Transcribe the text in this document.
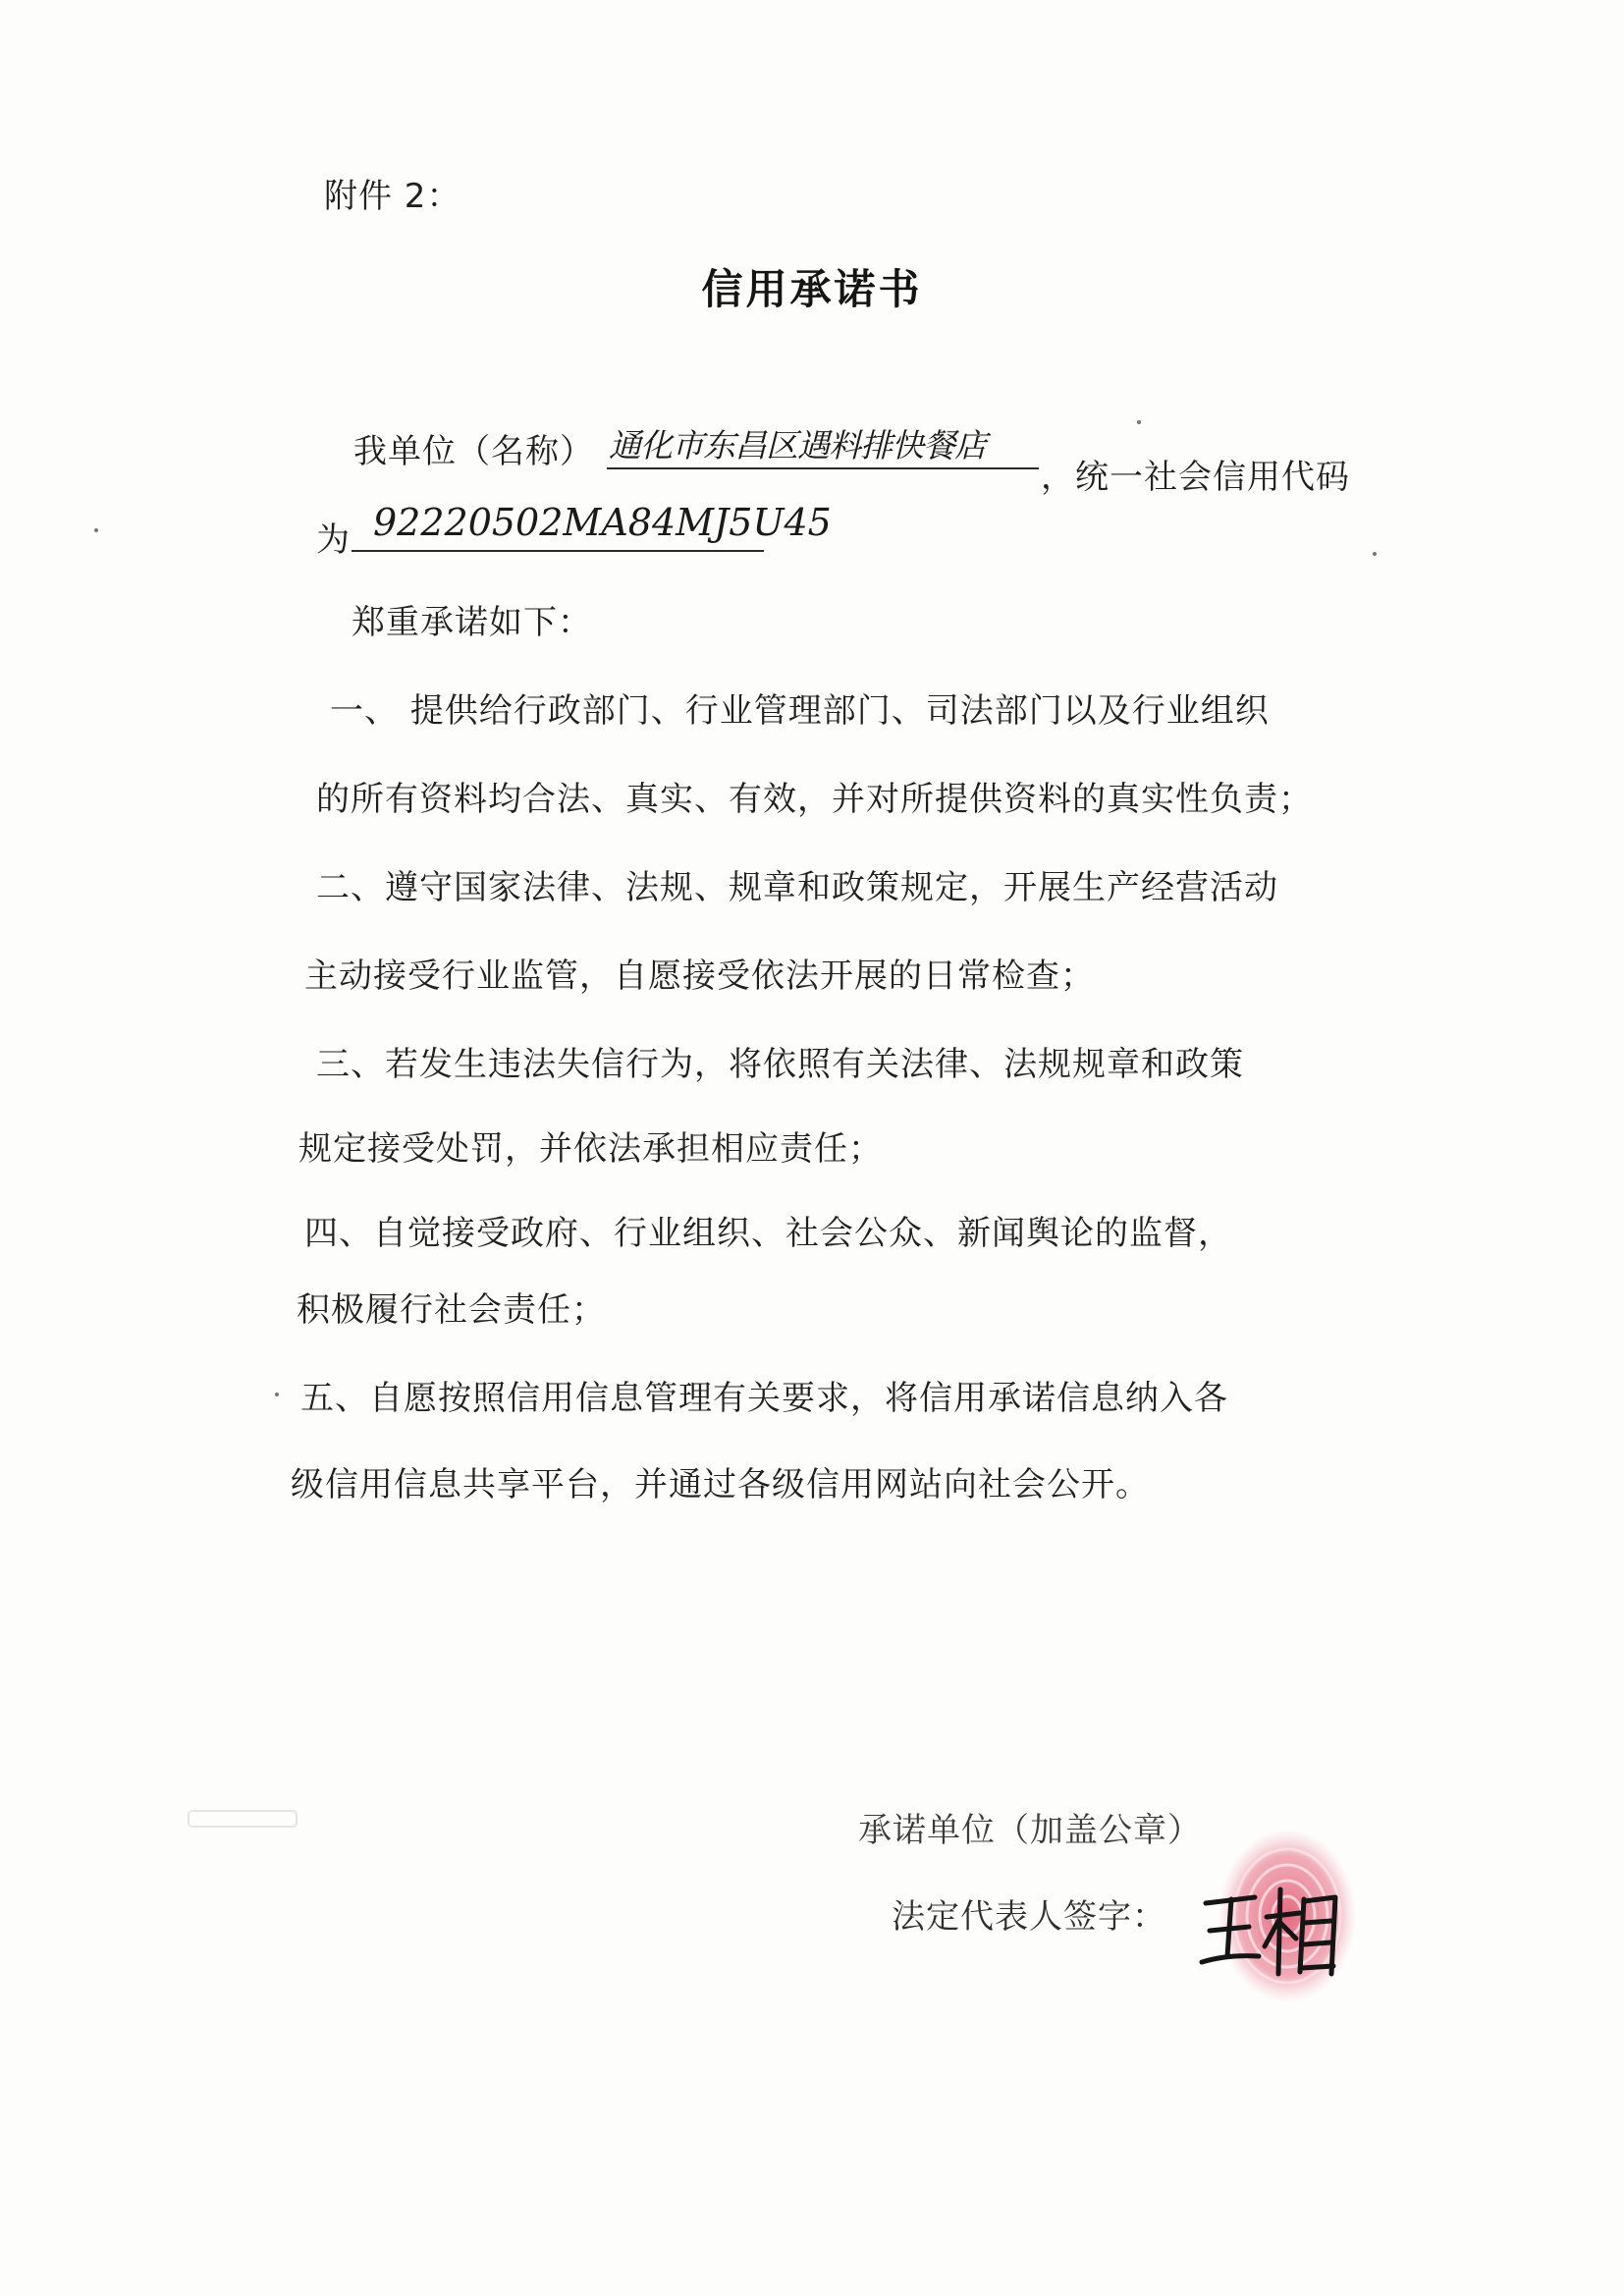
附件 2：
信用承诺书
我单位（名称） 通化市东昌区遇料排快餐店
，统一社会信用代码
为 92220502MA84MJ5U45
郑重承诺如下：
一、 提供给行政部门、行业管理部门、司法部门以及行业组织
的所有资料均合法、真实、有效，并对所提供资料的真实性负责；
二、遵守国家法律、法规、规章和政策规定，开展生产经营活动
主动接受行业监管，自愿接受依法开展的日常检查；
三、若发生违法失信行为，将依照有关法律、法规规章和政策
规定接受处罚，并依法承担相应责任；
四、自觉接受政府、行业组织、社会公众、新闻舆论的监督，
积极履行社会责任；
五、自愿按照信用信息管理有关要求，将信用承诺信息纳入各
级信用信息共享平台，并通过各级信用网站向社会公开。
承诺单位（加盖公章）
法定代表人签字：
